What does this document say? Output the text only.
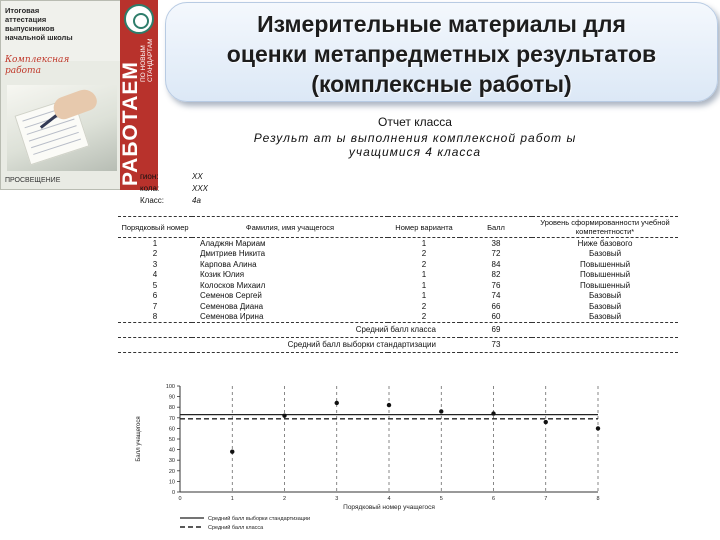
Итоговая
аттестация
выпускников
начальной школы
Комплексная
работа
ПРОСВЕЩЕНИЕ
ПО НОВЫМ
СТАНДАРТАМ
РАБОТАЕМ
Измерительные материалы для
оценки метапредметных результатов
(комплексные работы)
Отчет класса
Результ ат ы выполнения комплексной работ ы
учащимися 4 класса
гион:	XX
кола:	XXX
Класс:	4а
Порядковый номер	Фамилия, имя учащегося	Номер варианта	Балл	Уровень сформированности учебной компетентности*
1	Аладжян Мариам	1	38	Ниже базового
2	Дмитриев Никита	2	72	Базовый
3	Карпова Алина	2	84	Повышенный
4	Козик Юлия	1	82	Повышенный
5	Колосков Михаил	1	76	Повышенный
6	Семенов Сергей	1	74	Базовый
7	Семенова Диана	2	66	Базовый
8	Семенова Ирина	2	60	Базовый
Средний балл класса			69	
Средний балл выборки стандартизации			73	
0
10
20
30
40
50
60
70
80
90
100
0	1	2	3	4	5	6	7	8
Порядковый номер учащегося
Балл учащегося
Средний балл выборки стандартизации
Средний балл класса
